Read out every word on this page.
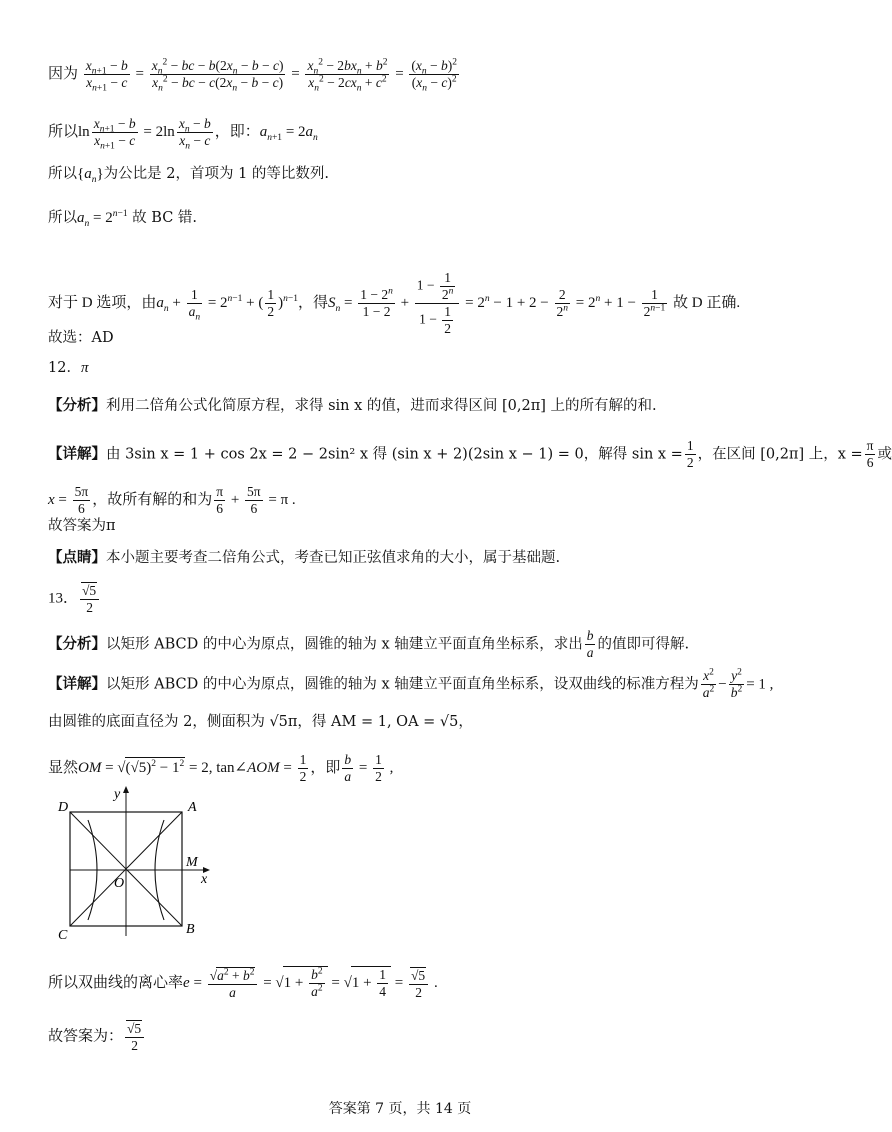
因为 $\frac{x_{n+1} - b}{x_{n+1} - c} = \frac{x_n^2 - bc - b(2x_n - b - c)}{x_n^2 - bc - c(2x_n - b - c)} = \frac{x_n^2 - 2bx_n + b^2}{x_n^2 - 2cx_n + c^2} = \frac{(x_n - b)^2}{(x_n - c)^2}$
所以$\ln \frac{x_{n+1} - b}{x_{n+1} - c} = 2\ln \frac{x_n - b}{x_n - c}$ ，即：$a_{n+1} = 2a_n$
所以$\{a_n\}$为公比是 2，首项为 1 的等比数列.
所以$a_n = 2^{n-1}$ 故 BC 错.
对于 D 选项，由$a_n + \frac{1}{a_n} = 2^{n-1}$ + ( $\frac{1}{2} )^{n-1}$，得$S_n = \frac{1 - 2^n}{1 - 2} + \frac{1 - \frac{1}{2^n}}{1 - \frac{1}{2}} = 2^n - 1 + 2 - \frac{2}{2^n} = 2^n + 1 - \frac{1}{2^{n-1}}$ 故 D 正确.
故选：AD
12．π
【分析】利用二倍角公式化简原方程，求得 sin x 的值，进而求得区间 [0,2π] 上的所有解的和.
【详解】由 3sin x = 1 + cos 2x = 2 − 2sin² x 得 (sin x + 2)(2sin x − 1) = 0，解得 $\sin x = \frac{1}{2}$ ，在区间 [0,2π] 上，$x = \frac{\pi}{6}$ 或
$x = \frac{5\pi}{6}$ ，故所有解的和为 $\frac{\pi}{6} + \frac{5\pi}{6} = \pi$ .
故答案为π
【点睛】本小题主要考查二倍角公式，考查已知正弦值求角的大小，属于基础题.
13． $\frac{√5}{2}$
【分析】以矩形 ABCD 的中心为原点，圆锥的轴为 x 轴建立平面直角坐标系，求出 $\frac{b}{a}$ 的值即可得解.
【详解】以矩形 ABCD 的中心为原点，圆锥的轴为 x 轴建立平面直角坐标系，设双曲线的标准方程为 $\frac{x^2}{a^2} - \frac{y^2}{b^2} = 1$ ,
由圆锥的底面直径为 2，侧面积为 √5π，得 AM = 1, OA = √5，
显然OM = $√(√5)^2 - 1^2 = 2$, tan∠AOM = $\frac{1}{2}$ ，即 $\frac{b}{a} = \frac{1}{2}$ ,
D	A
M
O
C	B
x
y
所以双曲线的离心率$e = \frac{√a^2 + b^2}{a} = √1 + \frac{b^2}{a^2} = √1 + \frac{1}{4} = \frac{√5}{2}$ .
故答案为： $\frac{√5}{2}$
答案第 7 页，共 14 页
